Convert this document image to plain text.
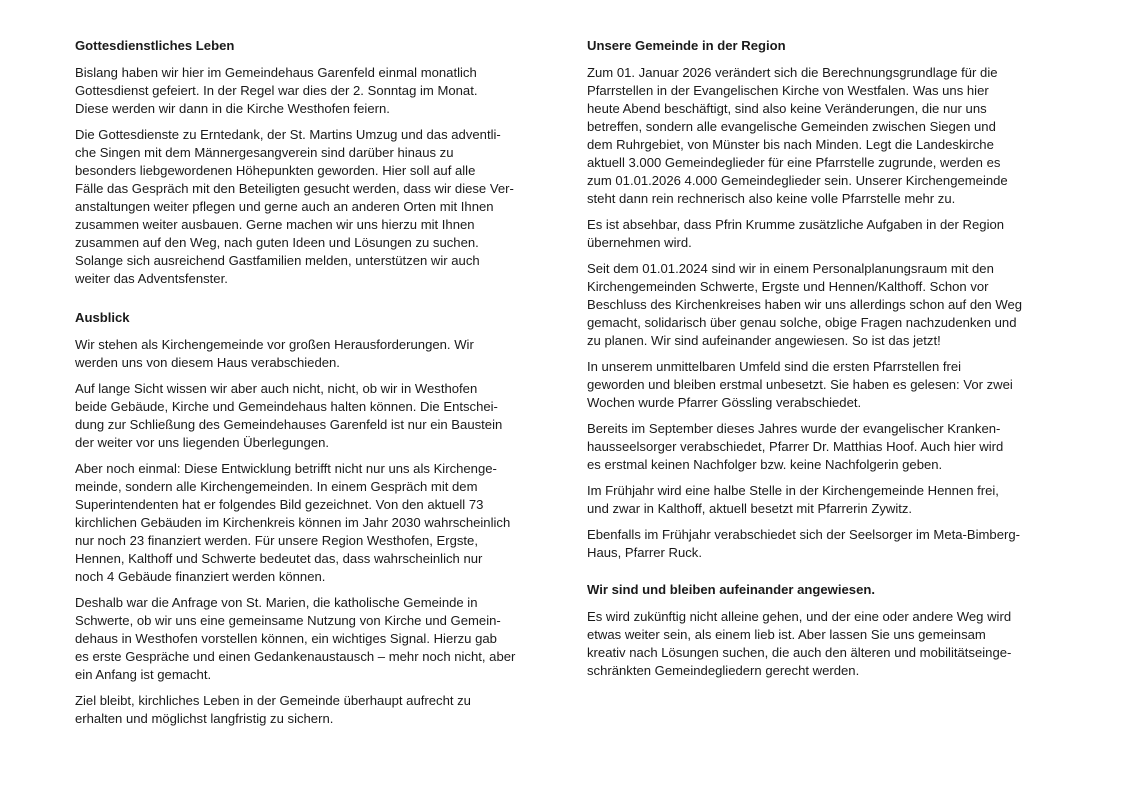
Gottesdienstliches Leben

Bislang haben wir hier im Gemeindehaus Garenfeld einmal monatlich
Gottesdienst gefeiert. In der Regel war dies der 2. Sonntag im Monat.
Diese werden wir dann in die Kirche Westhofen feiern.

Die Gottesdienste zu Erntedank, der St. Martins Umzug und das adventli-
che Singen mit dem Männergesangverein sind darüber hinaus zu
besonders liebgewordenen Höhepunkten geworden. Hier soll auf alle
Fälle das Gespräch mit den Beteiligten gesucht werden, dass wir diese Ver-
anstaltungen weiter pflegen und gerne auch an anderen Orten mit Ihnen
zusammen weiter ausbauen. Gerne machen wir uns hierzu mit Ihnen
zusammen auf den Weg, nach guten Ideen und Lösungen zu suchen.
Solange sich ausreichend Gastfamilien melden, unterstützen wir auch
weiter das Adventsfenster.

Ausblick

Wir stehen als Kirchengemeinde vor großen Herausforderungen. Wir
werden uns von diesem Haus verabschieden.

Auf lange Sicht wissen wir aber auch nicht, nicht, ob wir in Westhofen
beide Gebäude, Kirche und Gemeindehaus halten können. Die Entschei-
dung zur Schließung des Gemeindehauses Garenfeld ist nur ein Baustein
der weiter vor uns liegenden Überlegungen.

Aber noch einmal: Diese Entwicklung betrifft nicht nur uns als Kirchenge-
meinde, sondern alle Kirchengemeinden. In einem Gespräch mit dem
Superintendenten hat er folgendes Bild gezeichnet. Von den aktuell 73
kirchlichen Gebäuden im Kirchenkreis können im Jahr 2030 wahrscheinlich
nur noch 23 finanziert werden. Für unsere Region Westhofen, Ergste,
Hennen, Kalthoff und Schwerte bedeutet das, dass wahrscheinlich nur
noch 4 Gebäude finanziert werden können.

Deshalb war die Anfrage von St. Marien, die katholische Gemeinde in
Schwerte, ob wir uns eine gemeinsame Nutzung von Kirche und Gemein-
dehaus in Westhofen vorstellen können, ein wichtiges Signal. Hierzu gab
es erste Gespräche und einen Gedankenaustausch – mehr noch nicht, aber
ein Anfang ist gemacht.

Ziel bleibt, kirchliches Leben in der Gemeinde überhaupt aufrecht zu
erhalten und möglichst langfristig zu sichern.

Unsere Gemeinde in der Region

Zum 01. Januar 2026 verändert sich die Berechnungsgrundlage für die
Pfarrstellen in der Evangelischen Kirche von Westfalen. Was uns hier
heute Abend beschäftigt, sind also keine Veränderungen, die nur uns
betreffen, sondern alle evangelische Gemeinden zwischen Siegen und
dem Ruhrgebiet, von Münster bis nach Minden. Legt die Landeskirche
aktuell 3.000 Gemeindeglieder für eine Pfarrstelle zugrunde, werden es
zum 01.01.2026 4.000 Gemeindeglieder sein. Unserer Kirchengemeinde
steht dann rein rechnerisch also keine volle Pfarrstelle mehr zu.

Es ist absehbar, dass Pfrin Krumme zusätzliche Aufgaben in der Region
übernehmen wird.

Seit dem 01.01.2024 sind wir in einem Personalplanungsraum mit den
Kirchengemeinden Schwerte, Ergste und Hennen/Kalthoff. Schon vor
Beschluss des Kirchenkreises haben wir uns allerdings schon auf den Weg
gemacht, solidarisch über genau solche, obige Fragen nachzudenken und
zu planen. Wir sind aufeinander angewiesen. So ist das jetzt!

In unserem unmittelbaren Umfeld sind die ersten Pfarrstellen frei
geworden und bleiben erstmal unbesetzt. Sie haben es gelesen: Vor zwei
Wochen wurde Pfarrer Gössling verabschiedet.

Bereits im September dieses Jahres wurde der evangelischer Kranken-
hausseelsorger verabschiedet, Pfarrer Dr. Matthias Hoof. Auch hier wird
es erstmal keinen Nachfolger bzw. keine Nachfolgerin geben.

Im Frühjahr wird eine halbe Stelle in der Kirchengemeinde Hennen frei,
und zwar in Kalthoff, aktuell besetzt mit Pfarrerin Zywitz.

Ebenfalls im Frühjahr verabschiedet sich der Seelsorger im Meta-Bimberg-
Haus, Pfarrer Ruck.

Wir sind und bleiben aufeinander angewiesen.

Es wird zukünftig nicht alleine gehen, und der eine oder andere Weg wird
etwas weiter sein, als einem lieb ist. Aber lassen Sie uns gemeinsam
kreativ nach Lösungen suchen, die auch den älteren und mobilitätseinge-
schränkten Gemeindegliedern gerecht werden.
